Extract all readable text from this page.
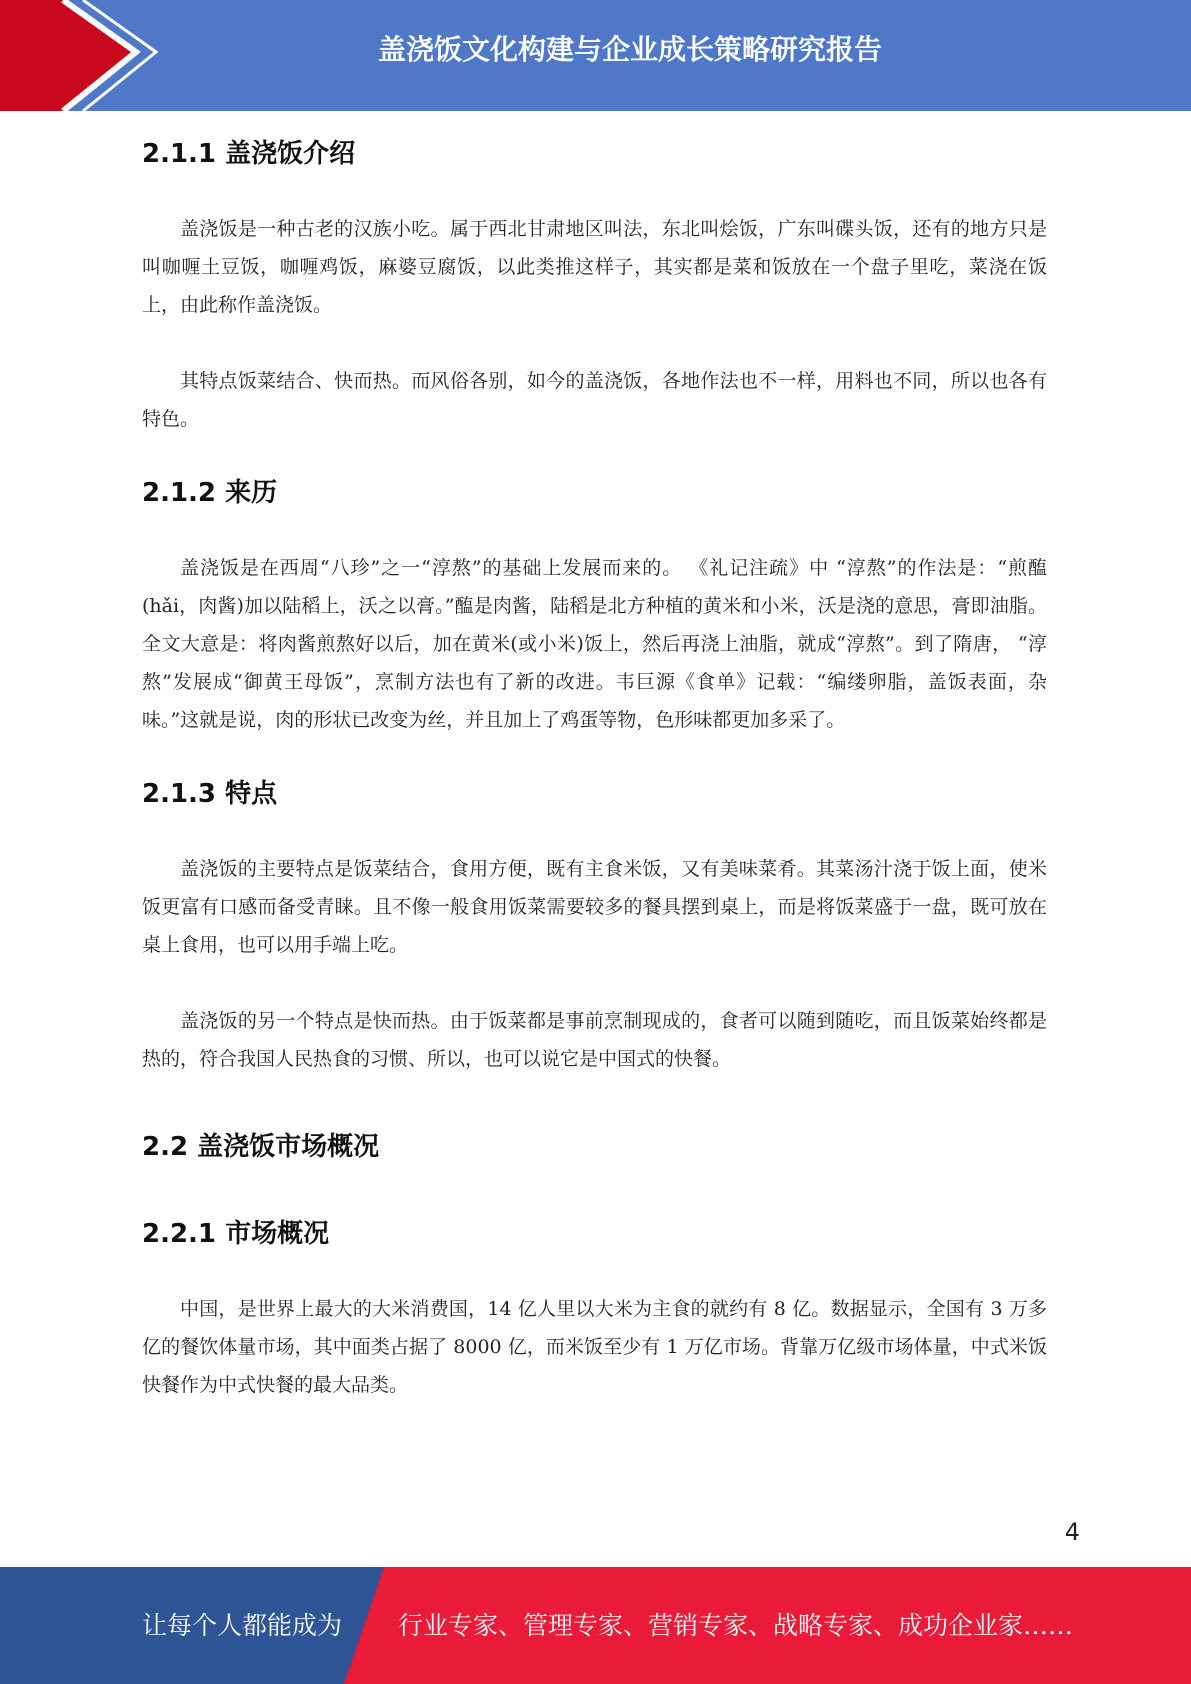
盖浇饭文化构建与企业成长策略研究报告
2.1.1 盖浇饭介绍

盖浇饭是一种古老的汉族小吃。属于西北甘肃地区叫法，东北叫烩饭，广东叫碟头饭，还有的地方只是叫咖喱土豆饭，咖喱鸡饭，麻婆豆腐饭，以此类推这样子，其实都是菜和饭放在一个盘子里吃，菜浇在饭上，由此称作盖浇饭。

其特点饭菜结合、快而热。而风俗各别，如今的盖浇饭，各地作法也不一样，用料也不同，所以也各有特色。

2.1.2 来历

盖浇饭是在西周“八珍”之一“淳熬”的基础上发展而来的。 《礼记注疏》中 “淳熬”的作法是：“煎醢(hǎi，肉酱)加以陆稻上，沃之以膏。”醢是肉酱，陆稻是北方种植的黄米和小米，沃是浇的意思，膏即油脂。全文大意是：将肉酱煎熬好以后，加在黄米(或小米)饭上，然后再浇上油脂，就成“淳熬”。到了隋唐， “淳熬”发展成“御黄王母饭”，烹制方法也有了新的改进。韦巨源《食单》记载：“编缕卵脂，盖饭表面，杂味。”这就是说，肉的形状已改变为丝，并且加上了鸡蛋等物，色形味都更加多采了。

2.1.3 特点

盖浇饭的主要特点是饭菜结合，食用方便，既有主食米饭，又有美味菜肴。其菜汤汁浇于饭上面，使米饭更富有口感而备受青睐。且不像一般食用饭菜需要较多的餐具摆到桌上，而是将饭菜盛于一盘，既可放在桌上食用，也可以用手端上吃。

盖浇饭的另一个特点是快而热。由于饭菜都是事前烹制现成的，食者可以随到随吃，而且饭菜始终都是热的，符合我国人民热食的习惯、所以，也可以说它是中国式的快餐。

2.2 盖浇饭市场概况
2.2.1 市场概况

中国，是世界上最大的大米消费国，14 亿人里以大米为主食的就约有 8 亿。数据显示，全国有 3 万多亿的餐饮体量市场，其中面类占据了 8000 亿，而米饭至少有 1 万亿市场。背靠万亿级市场体量，中式米饭快餐作为中式快餐的最大品类。

4
让每个人都能成为 行业专家、管理专家、营销专家、战略专家、成功企业家……
